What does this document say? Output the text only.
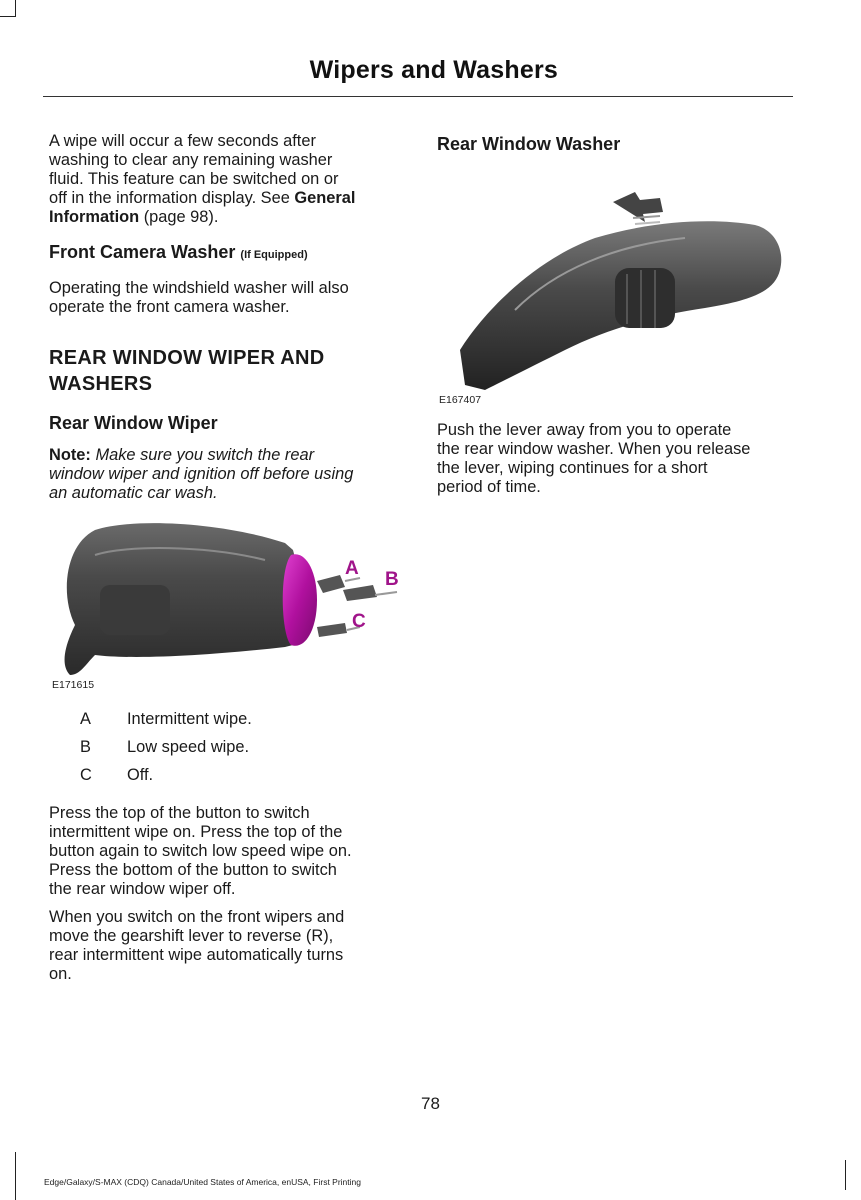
Wipers and Washers

A wipe will occur a few seconds after
washing to clear any remaining washer
fluid. This feature can be switched on or
off in the information display. See General
Information (page 98).

Front Camera Washer (If Equipped)

Operating the windshield washer will also
operate the front camera washer.

REAR WINDOW WIPER AND
WASHERS
Rear Window Wiper

Note: Make sure you switch the rear
window wiper and ignition off before using
an automatic car wash.

A
B
C
E171615
A Intermittent wipe.
B Low speed wipe.
C Off.

Press the top of the button to switch
intermittent wipe on. Press the top of the
button again to switch low speed wipe on.
Press the bottom of the button to switch
the rear window wiper off.

When you switch on the front wipers and
move the gearshift lever to reverse (R),
rear intermittent wipe automatically turns
on.

Rear Window Washer
E167407

Push the lever away from you to operate
the rear window washer. When you release
the lever, wiping continues for a short
period of time.

78
Edge/Galaxy/S-MAX (CDQ) Canada/United States of America, enUSA, First Printing
